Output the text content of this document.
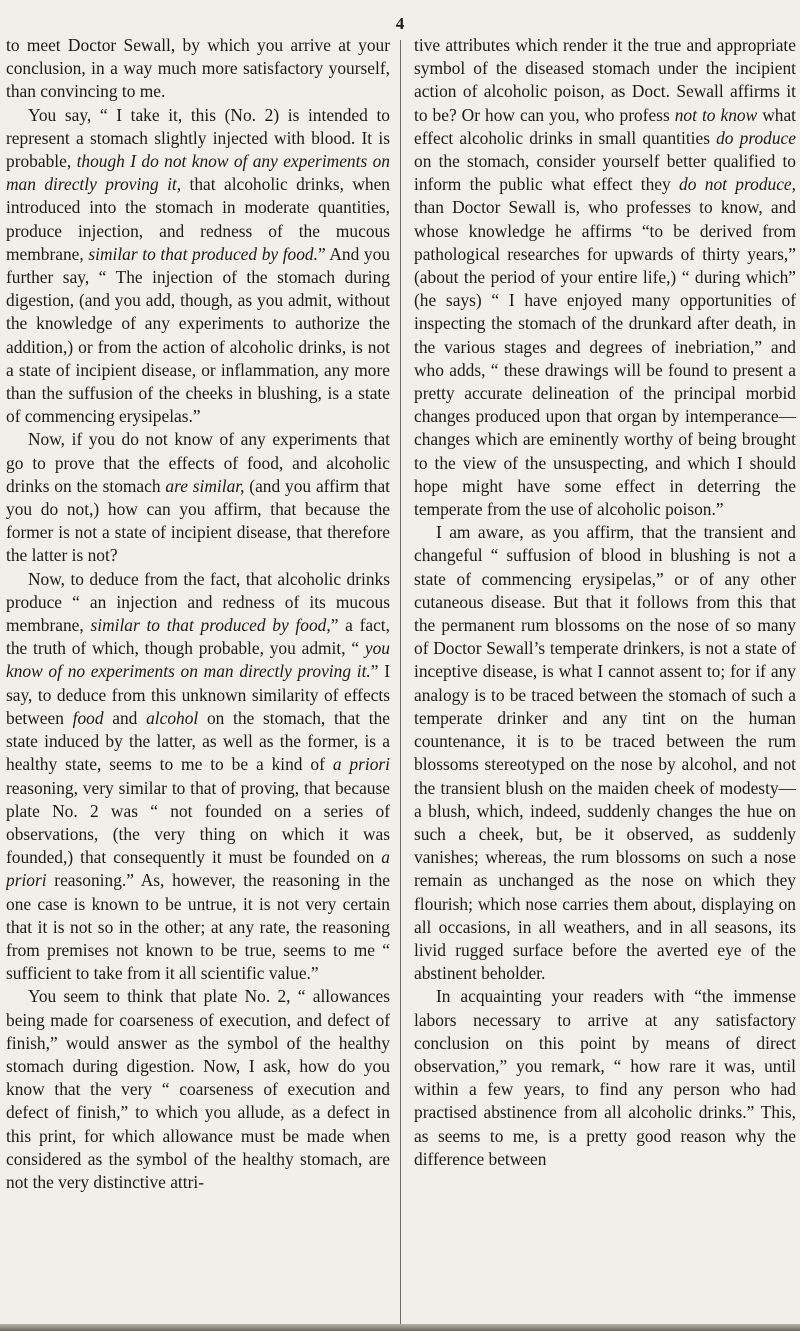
4

to meet Doctor Sewall, by which you arrive at your conclusion, in a way much more satisfactory yourself, than convincing to me.

You say, “ I take it, this (No. 2) is intended to represent a stomach slightly injected with blood. It is probable, though I do not know of any experiments on man directly proving it, that alcoholic drinks, when introduced into the stomach in moderate quantities, produce injection, and redness of the mucous membrane, similar to that produced by food.” And you further say, “ The injection of the stomach during digestion, (and you add, though, as you admit, without the knowledge of any experiments to authorize the addition,) or from the action of alcoholic drinks, is not a state of incipient disease, or inflammation, any more than the suffusion of the cheeks in blushing, is a state of commencing erysipelas.”

Now, if you do not know of any experiments that go to prove that the effects of food, and alcoholic drinks on the stomach are similar, (and you affirm that you do not,) how can you affirm, that because the former is not a state of incipient disease, that therefore the latter is not?

Now, to deduce from the fact, that alcoholic drinks produce “ an injection and redness of its mucous membrane, similar to that produced by food,” a fact, the truth of which, though probable, you admit, “ you know of no experiments on man directly proving it.” I say, to deduce from this unknown similarity of effects between food and alcohol on the stomach, that the state induced by the latter, as well as the former, is a healthy state, seems to me to be a kind of a priori reasoning, very similar to that of proving, that because plate No. 2 was “ not founded on a series of observations, (the very thing on which it was founded,) that consequently it must be founded on a priori reasoning.” As, however, the reasoning in the one case is known to be untrue, it is not very certain that it is not so in the other; at any rate, the reasoning from premises not known to be true, seems to me “ sufficient to take from it all scientific value.”

You seem to think that plate No. 2, “ allowances being made for coarseness of execution, and defect of finish,” would answer as the symbol of the healthy stomach during digestion. Now, I ask, how do you know that the very “ coarseness of execution and defect of finish,” to which you allude, as a defect in this print, for which allowance must be made when considered as the symbol of the healthy stomach, are not the very distinctive attri-

tive attributes which render it the true and appropriate symbol of the diseased stomach under the incipient action of alcoholic poison, as Doct. Sewall affirms it to be? Or how can you, who profess not to know what effect alcoholic drinks in small quantities do produce on the stomach, consider yourself better qualified to inform the public what effect they do not produce, than Doctor Sewall is, who professes to know, and whose knowledge he affirms “to be derived from pathological researches for upwards of thirty years,” (about the period of your entire life,) “ during which” (he says) “ I have enjoyed many opportunities of inspecting the stomach of the drunkard after death, in the various stages and degrees of inebriation,” and who adds, “ these drawings will be found to present a pretty accurate delineation of the principal morbid changes produced upon that organ by intemperance—changes which are eminently worthy of being brought to the view of the unsuspecting, and which I should hope might have some effect in deterring the temperate from the use of alcoholic poison.”

I am aware, as you affirm, that the transient and changeful “ suffusion of blood in blushing is not a state of commencing erysipelas,” or of any other cutaneous disease. But that it follows from this that the permanent rum blossoms on the nose of so many of Doctor Sewall’s temperate drinkers, is not a state of inceptive disease, is what I cannot assent to; for if any analogy is to be traced between the stomach of such a temperate drinker and any tint on the human countenance, it is to be traced between the rum blossoms stereotyped on the nose by alcohol, and not the transient blush on the maiden cheek of modesty—a blush, which, indeed, suddenly changes the hue on such a cheek, but, be it observed, as suddenly vanishes; whereas, the rum blossoms on such a nose remain as unchanged as the nose on which they flourish; which nose carries them about, displaying on all occasions, in all weathers, and in all seasons, its livid rugged surface before the averted eye of the abstinent beholder.

In acquainting your readers with “the immense labors necessary to arrive at any satisfactory conclusion on this point by means of direct observation,” you remark, “ how rare it was, until within a few years, to find any person who had practised abstinence from all alcoholic drinks.” This, as seems to me, is a pretty good reason why the difference between
